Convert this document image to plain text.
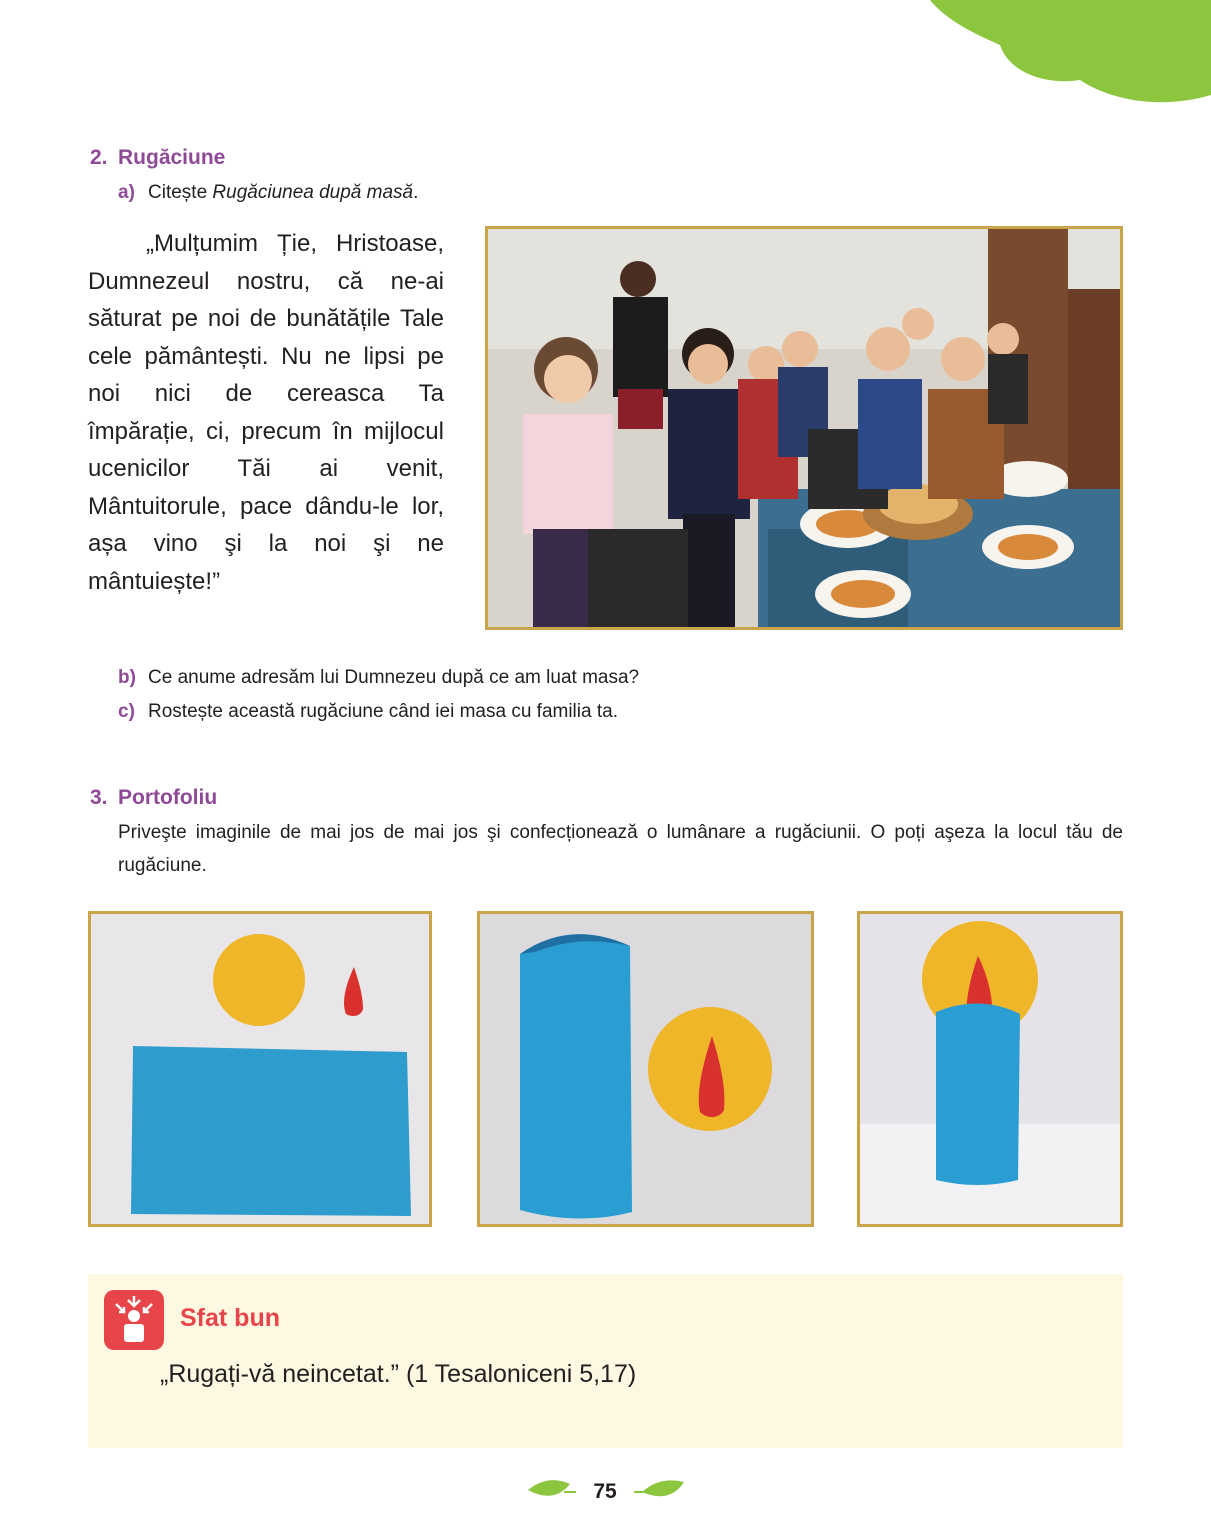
2. Rugăciune
a) Citește Rugăciunea după masă.
„Mulțumim Ție, Hristoase, Dumnezeul nostru, că ne-ai săturat pe noi de bunătățile Tale cele pământești. Nu ne lipsi pe noi nici de cereasca Ta împărație, ci, precum în mijlocul ucenicilor Tăi ai venit, Mântuitorule, pace dându-le lor, așa vino şi la noi şi ne mântuiește!”
b) Ce anume adresăm lui Dumnezeu după ce am luat masa?
c) Rostește această rugăciune când iei masa cu familia ta.
3. Portofoliu
Priveşte imaginile de mai jos de mai jos şi confecționează o lumânare a rugăciunii. O poți aşeza la locul tău de rugăciune.
Sfat bun
„Rugați-vă neincetat.” (1 Tesaloniceni 5,17)
75
